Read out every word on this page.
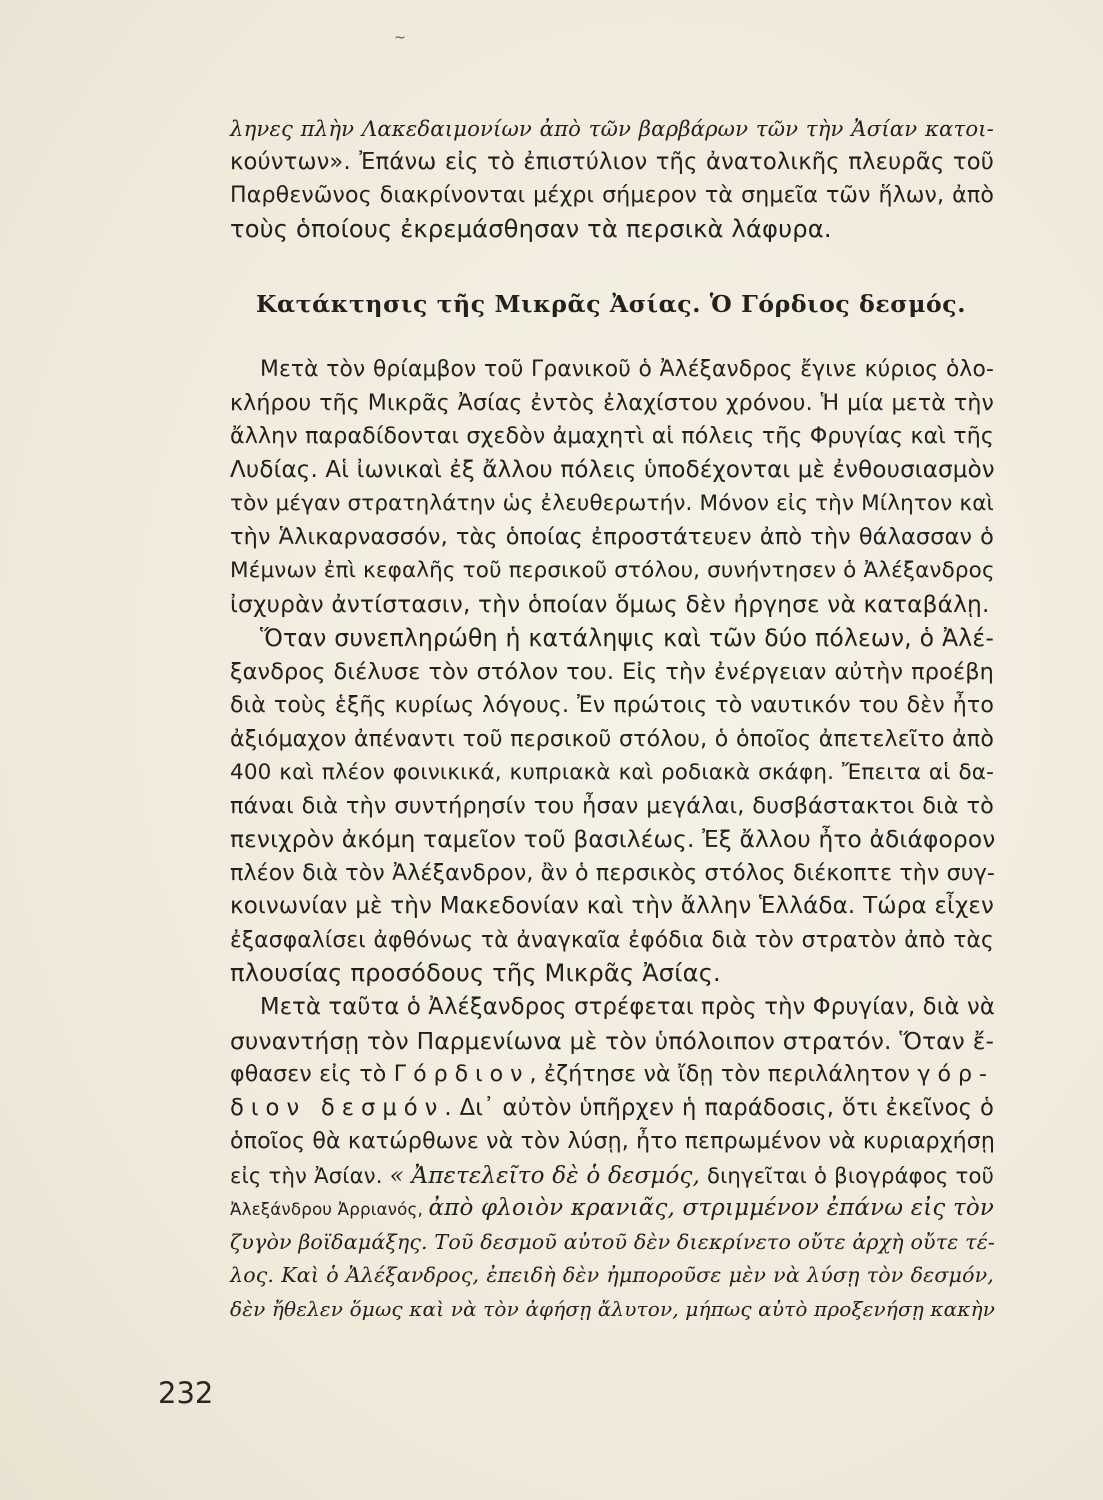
~
ληνες πλὴν Λακεδαιμονίων ἀπὸ τῶν βαρβάρων τῶν τὴν Ἀσίαν κατοι-
κούντων». Ἐπάνω εἰς τὸ ἐπιστύλιον τῆς ἀνατολικῆς πλευρᾶς τοῦ
Παρθενῶνος διακρίνονται μέχρι σήμερον τὰ σημεῖα τῶν ἥλων, ἀπὸ
τοὺς ὁποίους ἐκρεμάσθησαν τὰ περσικὰ λάφυρα.
Κατάκτησις τῆς Μικρᾶς Ἀσίας. Ὁ Γόρδιος δεσμός.
Μετὰ τὸν θρίαμβον τοῦ Γρανικοῦ ὁ Ἀλέξανδρος ἔγινε κύριος ὁλο-
κλήρου τῆς Μικρᾶς Ἀσίας ἐντὸς ἐλαχίστου χρόνου. Ἡ μία μετὰ τὴν
ἄλλην παραδίδονται σχεδὸν ἀμαχητὶ αἱ πόλεις τῆς Φρυγίας καὶ τῆς
Λυδίας. Αἱ ἰωνικαὶ ἐξ ἄλλου πόλεις ὑποδέχονται μὲ ἐνθουσιασμὸν
τὸν μέγαν στρατηλάτην ὡς ἐλευθερωτήν. Μόνον εἰς τὴν Μίλητον καὶ
τὴν Ἁλικαρνασσόν, τὰς ὁποίας ἐπροστάτευεν ἀπὸ τὴν θάλασσαν ὁ
Μέμνων ἐπὶ κεφαλῆς τοῦ περσικοῦ στόλου, συνήντησεν ὁ Ἀλέξανδρος
ἰσχυρὰν ἀντίστασιν, τὴν ὁποίαν ὅμως δὲν ἠργησε νὰ καταβάλῃ.
Ὅταν συνεπληρώθη ἡ κατάληψις καὶ τῶν δύο πόλεων, ὁ Ἀλέ-
ξανδρος διέλυσε τὸν στόλον του. Εἰς τὴν ἐνέργειαν αὐτὴν προέβη
διὰ τοὺς ἑξῆς κυρίως λόγους. Ἐν πρώτοις τὸ ναυτικόν του δὲν ἦτο
ἀξιόμαχον ἀπέναντι τοῦ περσικοῦ στόλου, ὁ ὁποῖος ἀπετελεῖτο ἀπὸ
400 καὶ πλέον φοινικικά, κυπριακὰ καὶ ροδιακὰ σκάφη. Ἔπειτα αἱ δα-
πάναι διὰ τὴν συντήρησίν του ἦσαν μεγάλαι, δυσβάστακτοι διὰ τὸ
πενιχρὸν ἀκόμη ταμεῖον τοῦ βασιλέως. Ἐξ ἄλλου ἦτο ἀδιάφορον
πλέον διὰ τὸν Ἀλέξανδρον, ἂν ὁ περσικὸς στόλος διέκοπτε τὴν συγ-
κοινωνίαν μὲ τὴν Μακεδονίαν καὶ τὴν ἄλλην Ἑλλάδα. Τώρα εἶχεν
ἐξασφαλίσει ἀφθόνως τὰ ἀναγκαῖα ἐφόδια διὰ τὸν στρατὸν ἀπὸ τὰς
πλουσίας προσόδους τῆς Μικρᾶς Ἀσίας.
Μετὰ ταῦτα ὁ Ἀλέξανδρος στρέφεται πρὸς τὴν Φρυγίαν, διὰ νὰ
συναντήσῃ τὸν Παρμενίωνα μὲ τὸν ὑπόλοιπον στρατόν. Ὅταν ἔ-
φθασεν εἰς τὸ Γόρδιον, ἐζήτησε νὰ ἴδῃ τὸν περιλάλητον γόρ-
διον δεσμόν. Δι᾿ αὐτὸν ὑπῆρχεν ἡ παράδοσις, ὅτι ἐκεῖνος ὁ
ὁποῖος θὰ κατώρθωνε νὰ τὸν λύσῃ, ἦτο πεπρωμένον νὰ κυριαρχήσῃ
εἰς τὴν Ἀσίαν. « Ἀπετελεῖτο δὲ ὁ δεσμός, διηγεῖται ὁ βιογράφος τοῦ
Ἀλεξάνδρου Ἀρριανός, ἀπὸ φλοιὸν κρανιᾶς, στριμμένον ἐπάνω εἰς τὸν
ζυγὸν βοϊδαμάξης. Τοῦ δεσμοῦ αὐτοῦ δὲν διεκρίνετο οὔτε ἀρχὴ οὔτε τέ-
λος. Καὶ ὁ Ἀλέξανδρος, ἐπειδὴ δὲν ἠμποροῦσε μὲν νὰ λύσῃ τὸν δεσμόν,
δὲν ἤθελεν ὅμως καὶ νὰ τὸν ἀφήσῃ ἄλυτον, μήπως αὐτὸ προξενήσῃ κακὴν
232
